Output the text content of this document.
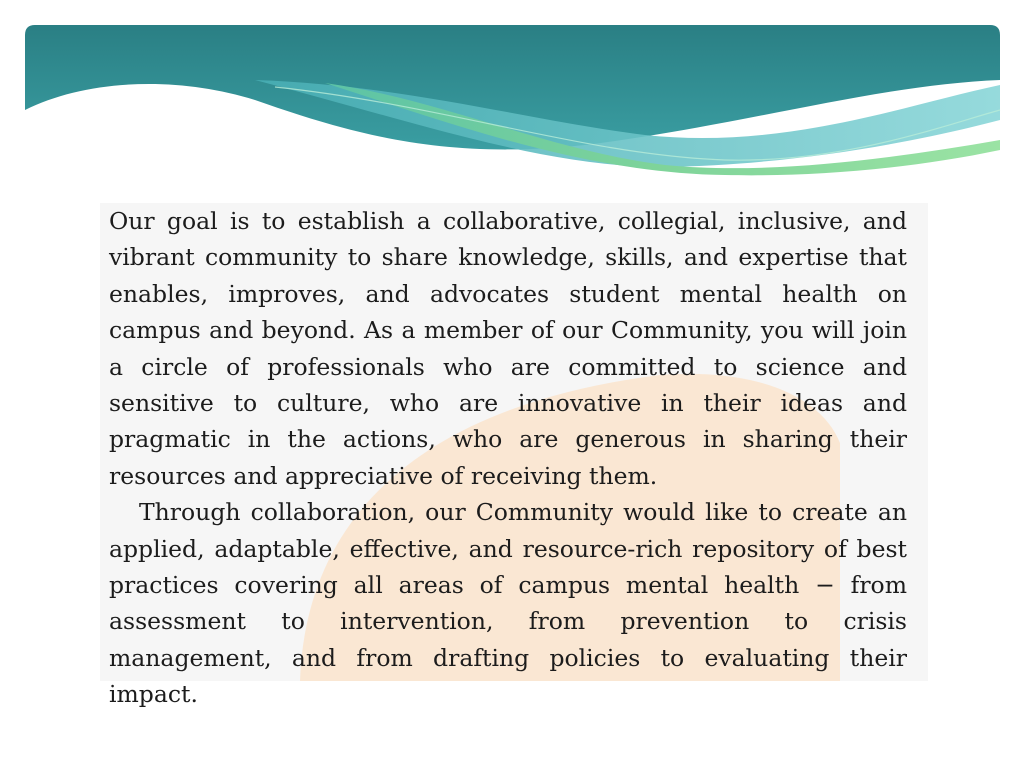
Our goal is to establish a collaborative, collegial, inclusive, and vibrant community to share knowledge, skills, and expertise that enables, improves, and advocates student mental health on campus and beyond. As a member of our Community, you will join a circle of professionals who are committed to science and sensitive to culture, who are innovative in their ideas and pragmatic in the actions, who are generous in sharing their resources and appreciative of receiving them.

Through collaboration, our Community would like to create an applied, adaptable, effective, and resource-rich repository of best practices covering all areas of campus mental health − from assessment to intervention, from prevention to crisis management, and from drafting policies to evaluating their impact.
